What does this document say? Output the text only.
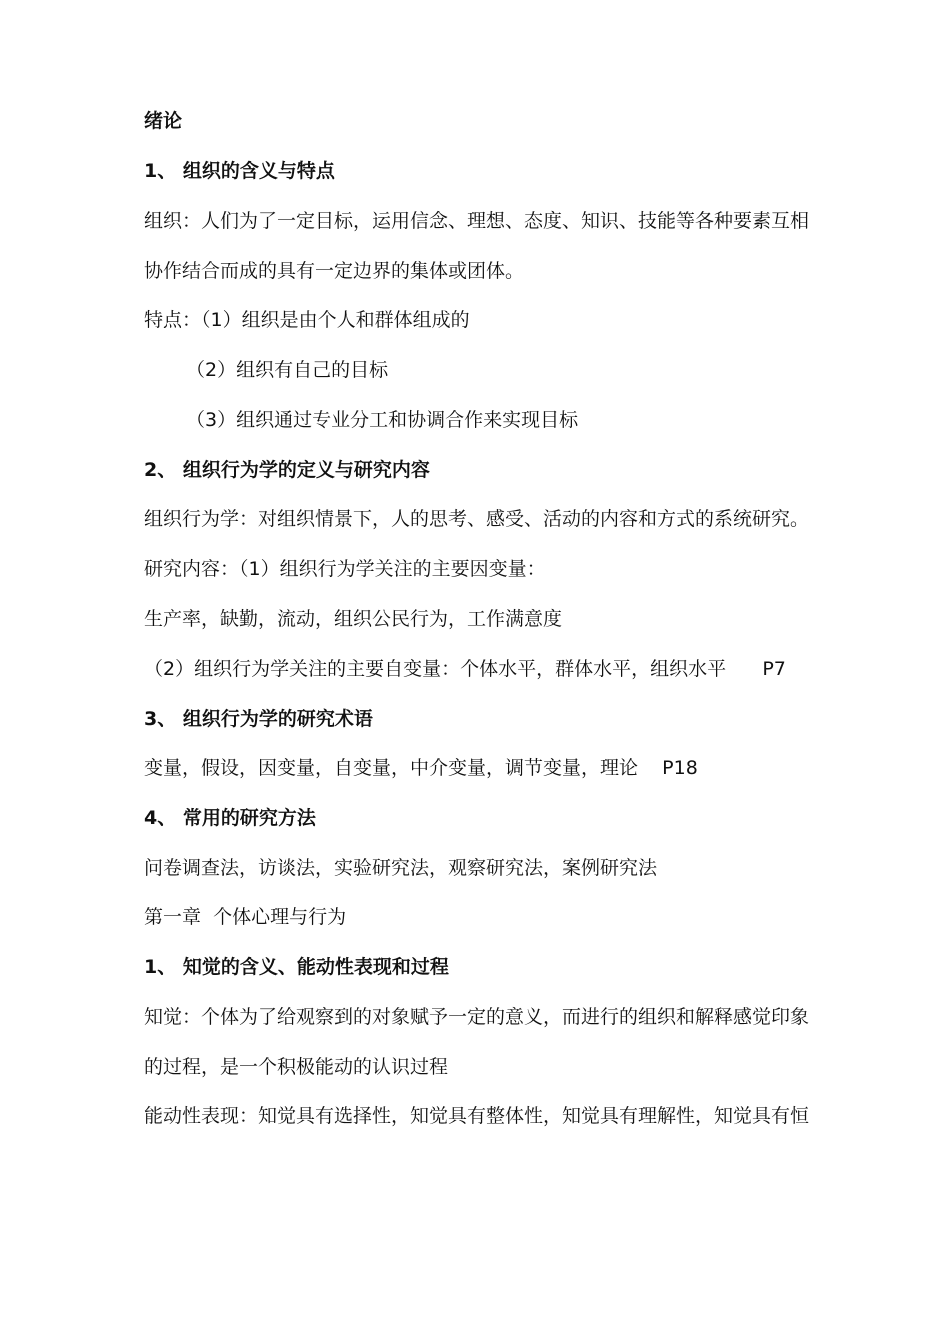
绪论
1、 组织的含义与特点
组织：人们为了一定目标，运用信念、理想、态度、知识、技能等各种要素互相
协作结合而成的具有一定边界的集体或团体。
特点：（1）组织是由个人和群体组成的
（2）组织有自己的目标
（3）组织通过专业分工和协调合作来实现目标
2、 组织行为学的定义与研究内容
组织行为学：对组织情景下，人的思考、感受、活动的内容和方式的系统研究。
研究内容：（1）组织行为学关注的主要因变量：
生产率，缺勤，流动，组织公民行为，工作满意度
（2）组织行为学关注的主要自变量：个体水平，群体水平，组织水平      P7
3、 组织行为学的研究术语
变量，假设，因变量，自变量，中介变量，调节变量，理论    P18
4、 常用的研究方法
问卷调查法，访谈法，实验研究法，观察研究法，案例研究法
第一章  个体心理与行为
1、 知觉的含义、能动性表现和过程
知觉：个体为了给观察到的对象赋予一定的意义，而进行的组织和解释感觉印象
的过程，是一个积极能动的认识过程
能动性表现：知觉具有选择性，知觉具有整体性，知觉具有理解性，知觉具有恒
